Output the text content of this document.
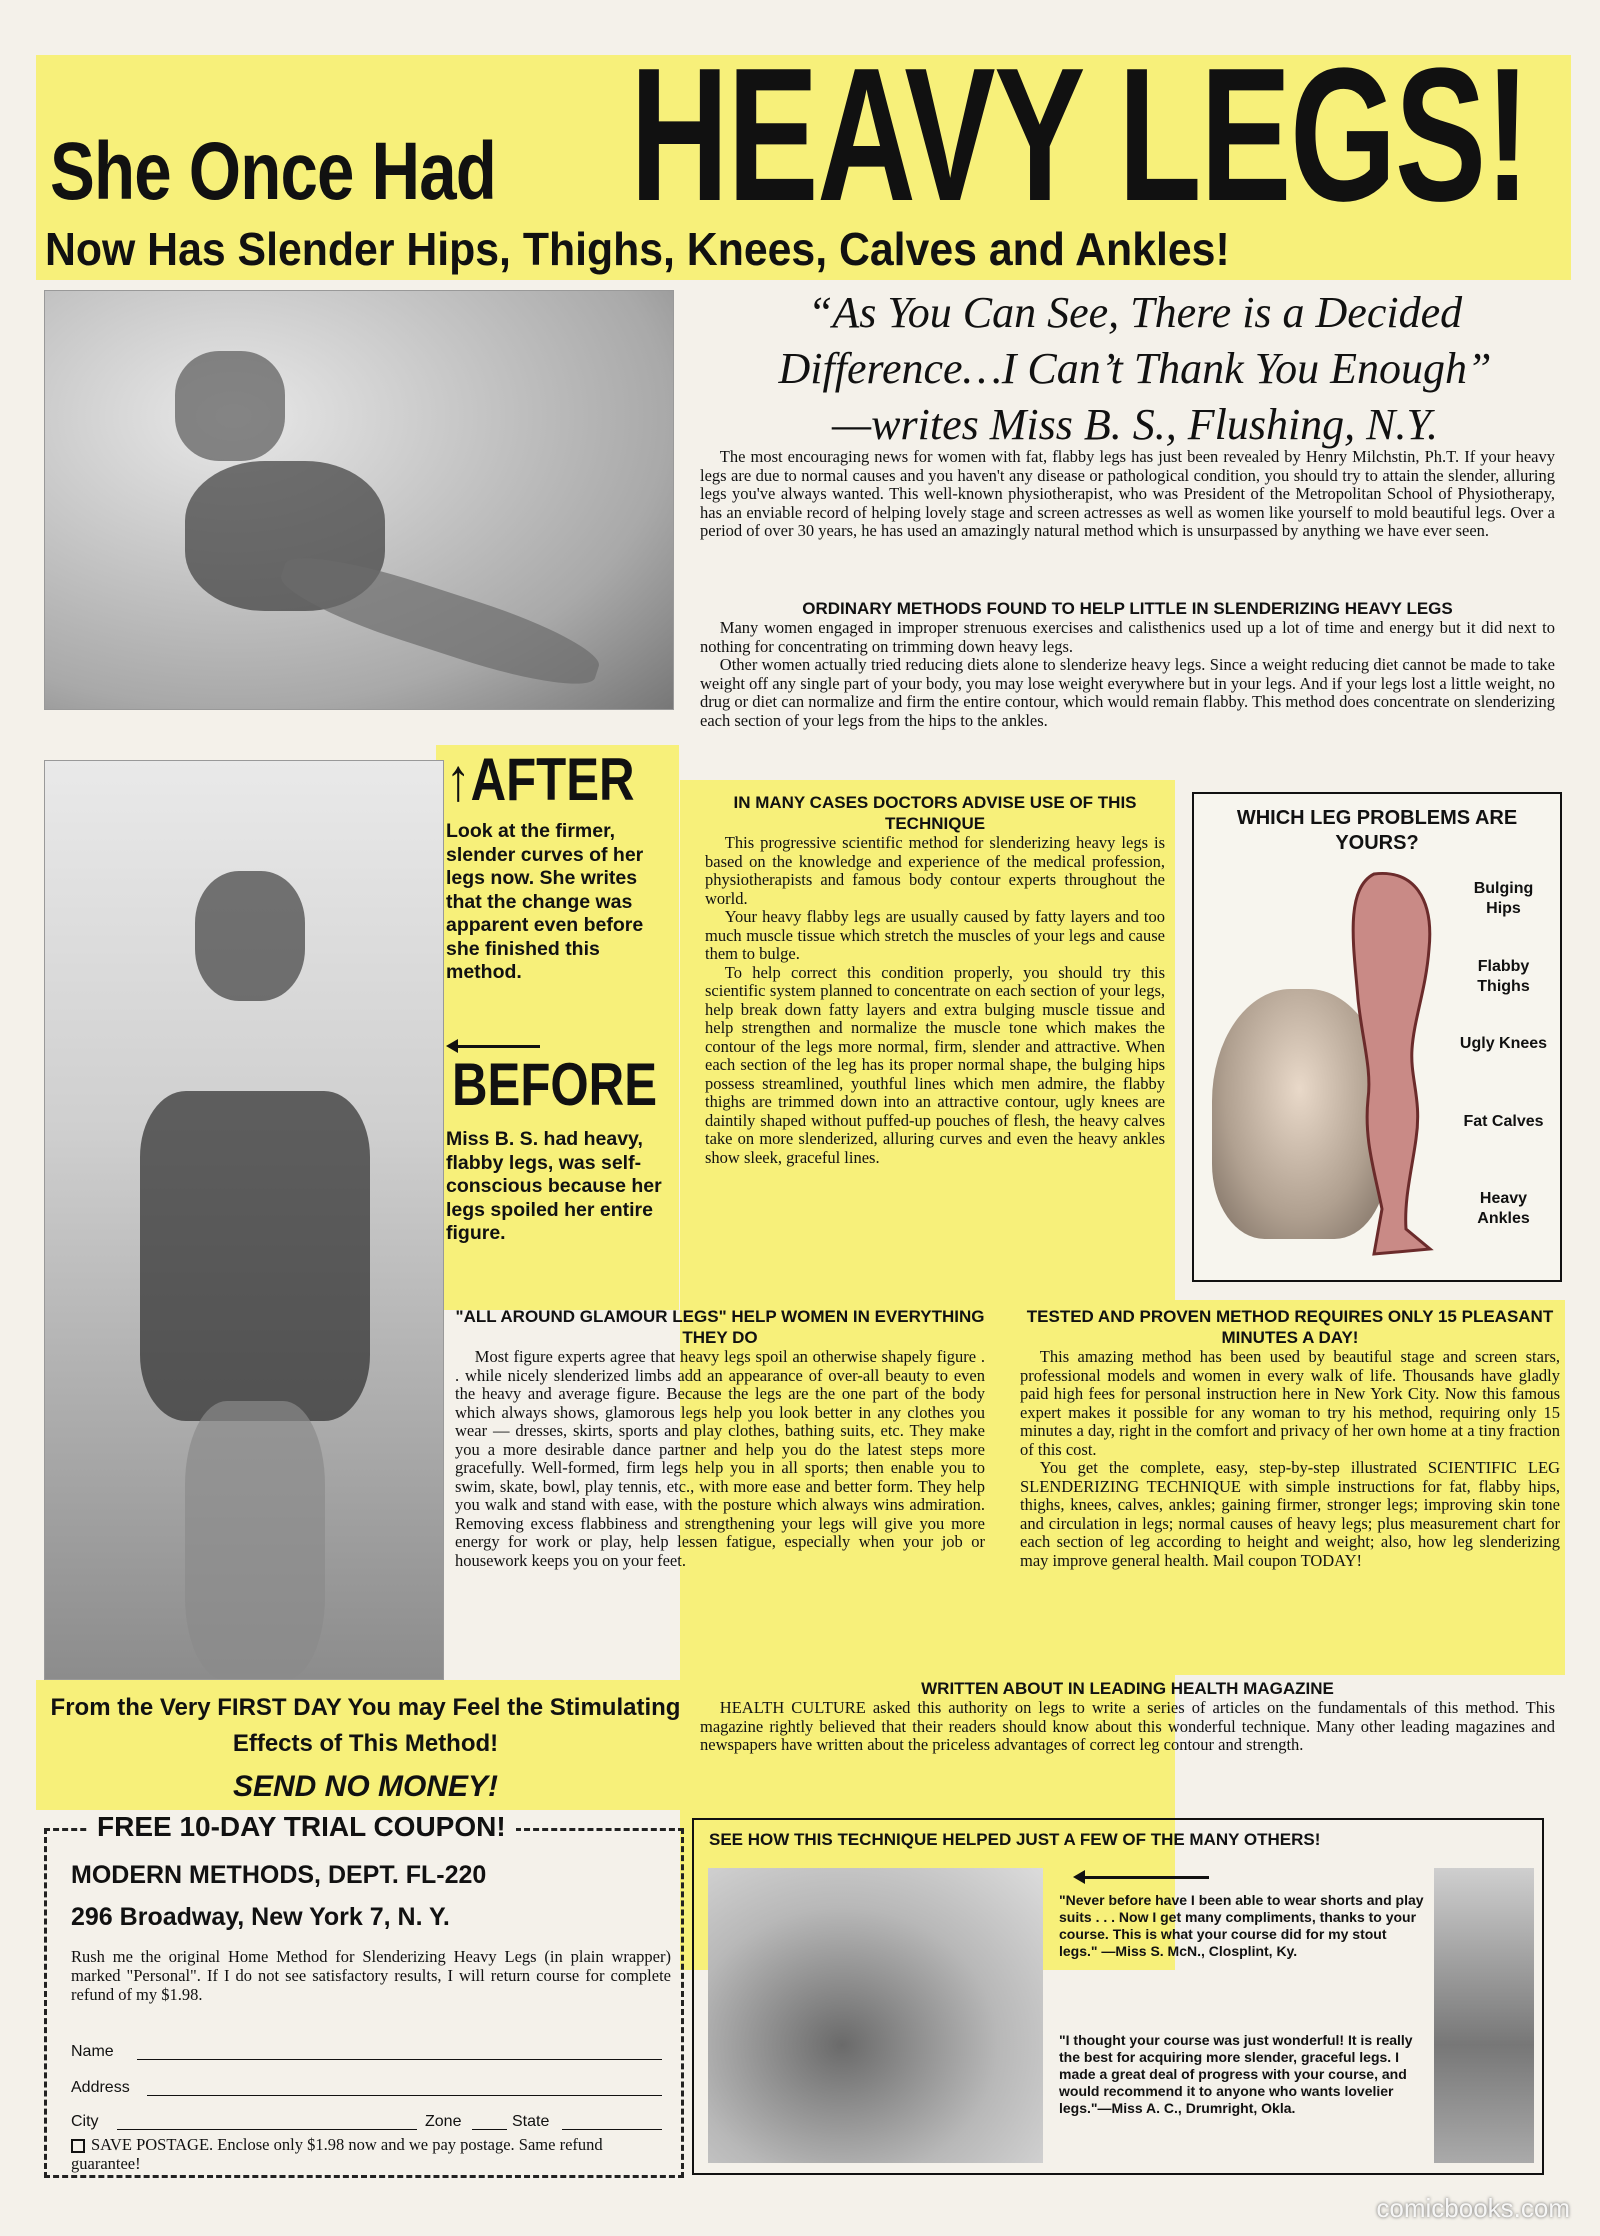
She Once Had HEAVY LEGS!
Now Has Slender Hips, Thighs, Knees, Calves and Ankles!
“As You Can See, There is a Decided
Difference…I Can’t Thank You Enough”
—writes Miss B. S., Flushing, N.Y.

The most encouraging news for women with fat, flabby legs has just been revealed by Henry Milchstin, Ph.T. If your heavy legs are due to normal causes and you haven't any disease or pathological condition, you should try to attain the slender, alluring legs you've always wanted. This well-known physiotherapist, who was President of the Metropolitan School of Physiotherapy, has an enviable record of helping lovely stage and screen actresses as well as women like yourself to mold beautiful legs. Over a period of over 30 years, he has used an amazingly natural method which is unsurpassed by anything we have ever seen.

ORDINARY METHODS FOUND TO HELP LITTLE IN SLENDERIZING HEAVY LEGS

Many women engaged in improper strenuous exercises and calisthenics used up a lot of time and energy but it did next to nothing for concentrating on trimming down heavy legs.

Other women actually tried reducing diets alone to slenderize heavy legs. Since a weight reducing diet cannot be made to take weight off any single part of your body, you may lose weight everywhere but in your legs. And if your legs lost a little weight, no drug or diet can normalize and firm the entire contour, which would remain flabby. This method does concentrate on slenderizing each section of your legs from the hips to the ankles.

↑AFTER
Look at the firmer, slender curves of her legs now. She writes that the change was apparent even before she finished this method.
BEFORE
Miss B. S. had heavy, flabby legs, was self-conscious because her legs spoiled her entire figure.
IN MANY CASES DOCTORS ADVISE USE OF THIS TECHNIQUE

This progressive scientific method for slenderizing heavy legs is based on the knowledge and experience of the medical profession, physiotherapists and famous body contour experts throughout the world.

Your heavy flabby legs are usually caused by fatty layers and too much muscle tissue which stretch the muscles of your legs and cause them to bulge.

To help correct this condition properly, you should try this scientific system planned to concentrate on each section of your legs, help break down fatty layers and extra bulging muscle tissue and help strengthen and normalize the muscle tone which makes the contour of the legs more normal, firm, slender and attractive. When each section of the leg has its proper normal shape, the bulging hips possess streamlined, youthful lines which men admire, the flabby thighs are trimmed down into an attractive contour, ugly knees are daintily shaped without puffed-up pouches of flesh, the heavy calves take on more slenderized, alluring curves and even the heavy ankles show sleek, graceful lines.

WHICH LEG PROBLEMS ARE YOURS?
Bulging Hips
Flabby Thighs
Ugly Knees
Fat Calves
Heavy Ankles
"ALL AROUND GLAMOUR LEGS" HELP WOMEN IN EVERYTHING THEY DO

Most figure experts agree that heavy legs spoil an otherwise shapely figure . . while nicely slenderized limbs add an appearance of over-all beauty to even the heavy and average figure. Because the legs are the one part of the body which always shows, glamorous legs help you look better in any clothes you wear — dresses, skirts, sports and play clothes, bathing suits, etc. They make you a more desirable dance partner and help you do the latest steps more gracefully. Well-formed, firm legs help you in all sports; then enable you to swim, skate, bowl, play tennis, etc., with more ease and better form. They help you walk and stand with ease, with the posture which always wins admiration. Removing excess flabbiness and strengthening your legs will give you more energy for work or play, help lessen fatigue, especially when your job or housework keeps you on your feet.

TESTED AND PROVEN METHOD REQUIRES ONLY 15 PLEASANT MINUTES A DAY!

This amazing method has been used by beautiful stage and screen stars, professional models and women in every walk of life. Thousands have gladly paid high fees for personal instruction here in New York City. Now this famous expert makes it possible for any woman to try his method, requiring only 15 minutes a day, right in the comfort and privacy of her own home at a tiny fraction of this cost.

You get the complete, easy, step-by-step illustrated SCIENTIFIC LEG SLENDERIZING TECHNIQUE with simple instructions for fat, flabby hips, thighs, knees, calves, ankles; gaining firmer, stronger legs; improving skin tone and circulation in legs; normal causes of heavy legs; plus measurement chart for each section of leg according to height and weight; also, how leg slenderizing may improve general health. Mail coupon TODAY!

From the Very FIRST DAY You may Feel the Stimulating Effects of This Method!
SEND NO MONEY!
WRITTEN ABOUT IN LEADING HEALTH MAGAZINE

HEALTH CULTURE asked this authority on legs to write a series of articles on the fundamentals of this method. This magazine rightly believed that their readers should know about this wonderful technique. Many other leading magazines and newspapers have written about the priceless advantages of correct leg contour and strength.

FREE 10-DAY TRIAL COUPON!
MODERN METHODS, DEPT. FL-220
296 Broadway, New York 7, N. Y.
Rush me the original Home Method for Slenderizing Heavy Legs (in plain wrapper) marked "Personal". If I do not see satisfactory results, I will return course for complete refund of my $1.98.
Name
Address
City	Zone	State
SAVE POSTAGE. Enclose only $1.98 now and we pay postage. Same refund guarantee!
SEE HOW THIS TECHNIQUE HELPED JUST A FEW OF THE MANY OTHERS!
"Never before have I been able to wear shorts and play suits . . . Now I get many compliments, thanks to your course. This is what your course did for my stout legs." —Miss S. McN., Closplint, Ky.
"I thought your course was just wonderful! It is really the best for acquiring more slender, graceful legs. I made a great deal of progress with your course, and would recommend it to anyone who wants lovelier legs."—Miss A. C., Drumright, Okla.
comicbooks.com
